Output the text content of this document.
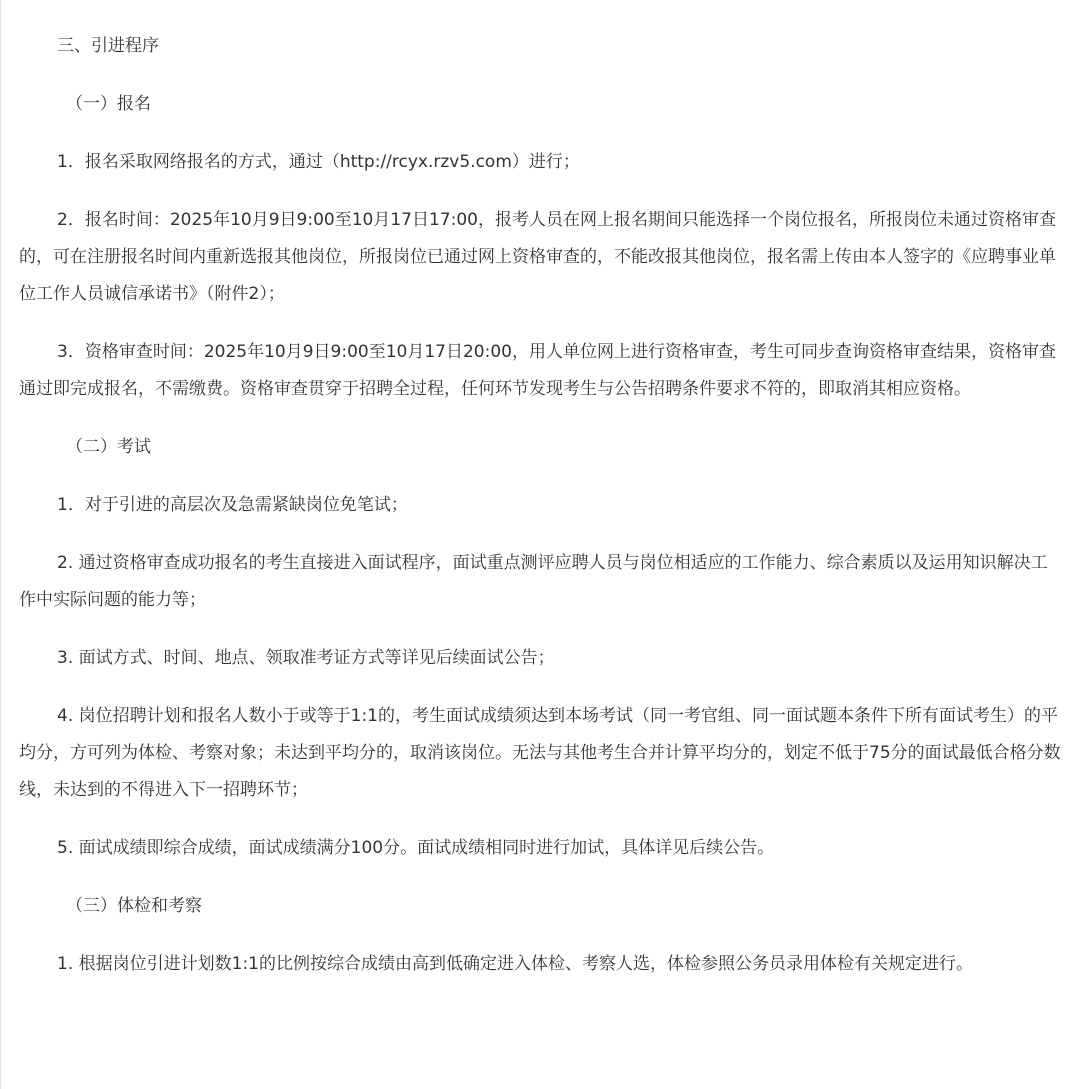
三、引进程序

（一）报名

1．报名采取网络报名的方式，通过（http://rcyx.rzv5.com）进行；

2．报名时间：2025年10月9日9:00至10月17日17:00，报考人员在网上报名期间只能选择一个岗位报名，所报岗位未通过资格审查的，可在注册报名时间内重新选报其他岗位，所报岗位已通过网上资格审查的，不能改报其他岗位，报名需上传由本人签字的《应聘事业单位工作人员诚信承诺书》（附件2）；

3．资格审查时间：2025年10月9日9:00至10月17日20:00，用人单位网上进行资格审查，考生可同步查询资格审查结果，资格审查通过即完成报名，不需缴费。资格审查贯穿于招聘全过程，任何环节发现考生与公告招聘条件要求不符的，即取消其相应资格。

（二）考试

1．对于引进的高层次及急需紧缺岗位免笔试；

2. 通过资格审查成功报名的考生直接进入面试程序，面试重点测评应聘人员与岗位相适应的工作能力、综合素质以及运用知识解决工作中实际问题的能力等；

3. 面试方式、时间、地点、领取准考证方式等详见后续面试公告；

4. 岗位招聘计划和报名人数小于或等于1:1的，考生面试成绩须达到本场考试（同一考官组、同一面试题本条件下所有面试考生）的平均分，方可列为体检、考察对象；未达到平均分的，取消该岗位。无法与其他考生合并计算平均分的，划定不低于75分的面试最低合格分数线，未达到的不得进入下一招聘环节；

5. 面试成绩即综合成绩，面试成绩满分100分。面试成绩相同时进行加试，具体详见后续公告。

（三）体检和考察

1. 根据岗位引进计划数1:1的比例按综合成绩由高到低确定进入体检、考察人选，体检参照公务员录用体检有关规定进行。
